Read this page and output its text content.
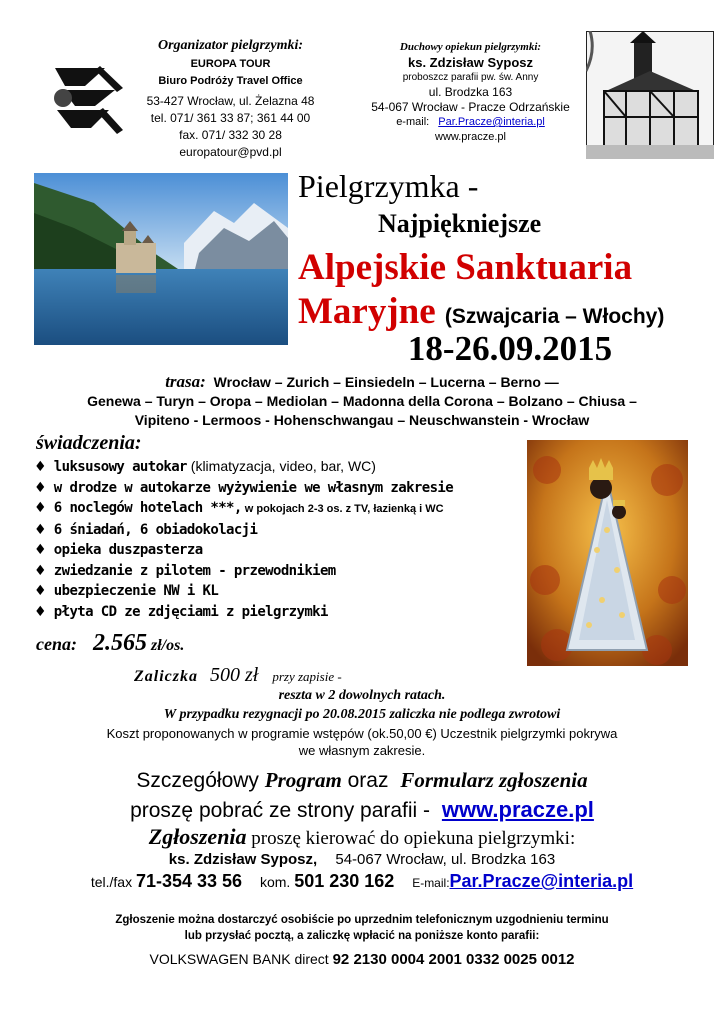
Organizator pielgrzymki:
EUROPA TOUR
Biuro Podróży Travel Office
53-427 Wrocław, ul. Żelazna 48
tel. 071/ 361 33 87; 361 44 00
fax. 071/ 332 30 28
europatour@pvd.pl
Duchowy opiekun pielgrzymki:
ks. Zdzisław Syposz
proboszcz parafii pw. św. Anny
ul. Brodzka 163
54-067 Wrocław - Pracze Odrzańskie
e-mail: Par.Pracze@interia.pl
www.pracze.pl
Pielgrzymka -
Najpiękniejsze
Alpejskie Sanktuaria
Maryjne (Szwajcaria – Włochy)
18-26.09.2015
trasa: Wrocław – Zurich – Einsiedeln – Lucerna – Berno —
Genewa – Turyn – Oropa – Mediolan – Madonna della Corona – Bolzano – Chiusa –
Vipiteno - Lermoos - Hohenschwangau – Neuschwanstein - Wrocław
świadczenia:
♦ luksusowy autokar (klimatyzacja, video, bar, WC)
♦ w drodze w autokarze wyżywienie we własnym zakresie
♦ 6 noclegów hotelach ***, w pokojach 2-3 os. z TV, łazienką i WC
♦ 6 śniadań, 6 obiadokolacji
♦ opieka duszpasterza
♦ zwiedzanie z pilotem - przewodnikiem
♦ ubezpieczenie NW i KL
♦ płyta CD ze zdjęciami z pielgrzymki
cena: 2.565 zł/os.
Zaliczka 500 zł przy zapisie -
reszta w 2 dowolnych ratach.
W przypadku rezygnacji po 20.08.2015 zaliczka nie podlega zwrotowi
Koszt proponowanych w programie wstępów (ok.50,00 €) Uczestnik pielgrzymki pokrywa
we własnym zakresie.
Szczegółowy Program oraz Formularz zgłoszenia
proszę pobrać ze strony parafii - www.pracze.pl
Zgłoszenia proszę kierować do opiekuna pielgrzymki:
ks. Zdzisław Syposz, 54-067 Wrocław, ul. Brodzka 163
tel./fax 71-354 33 56 kom. 501 230 162 E-mail:Par.Pracze@interia.pl
Zgłoszenie można dostarczyć osobiście po uprzednim telefonicznym uzgodnieniu terminu
lub przysłać pocztą, a zaliczkę wpłacić na poniższe konto parafii:
VOLKSWAGEN BANK direct 92 2130 0004 2001 0332 0025 0012
